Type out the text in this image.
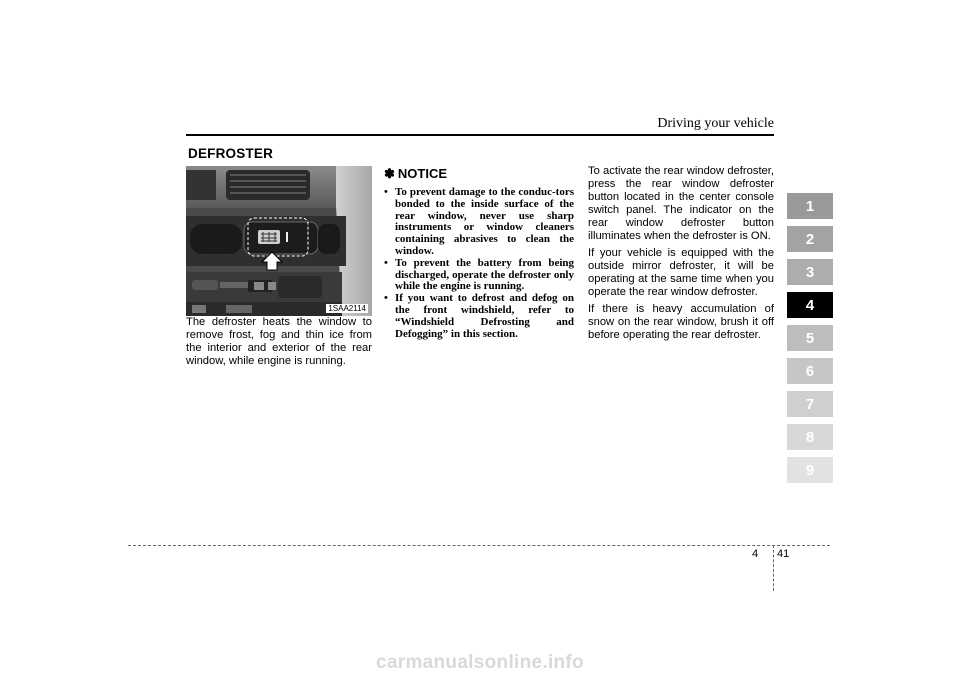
Driving your vehicle
DEFROSTER
1SAA2114
The defroster heats the window to remove frost, fog and thin ice from the interior and exterior of the rear window, while engine is running.
✽ NOTICE
• To prevent damage to the conduc-tors bonded to the inside surface of the rear window, never use sharp instruments or window cleaners containing abrasives to clean the window.
• To prevent the battery from being discharged, operate the defroster only while the engine is running.
• If you want to defrost and defog on the front windshield, refer to “Windshield Defrosting and Defogging” in this section.

To activate the rear window defroster, press the rear window defroster button located in the center console switch panel. The indicator on the rear window defroster button illuminates when the defroster is ON.

If your vehicle is equipped with the outside mirror defroster, it will be operating at the same time when you operate the rear window defroster.

If there is heavy accumulation of snow on the rear window, brush it off before operating the rear defroster.

1
2
3
4
5
6
7
8
9
4 41
carmanualsonline.info
